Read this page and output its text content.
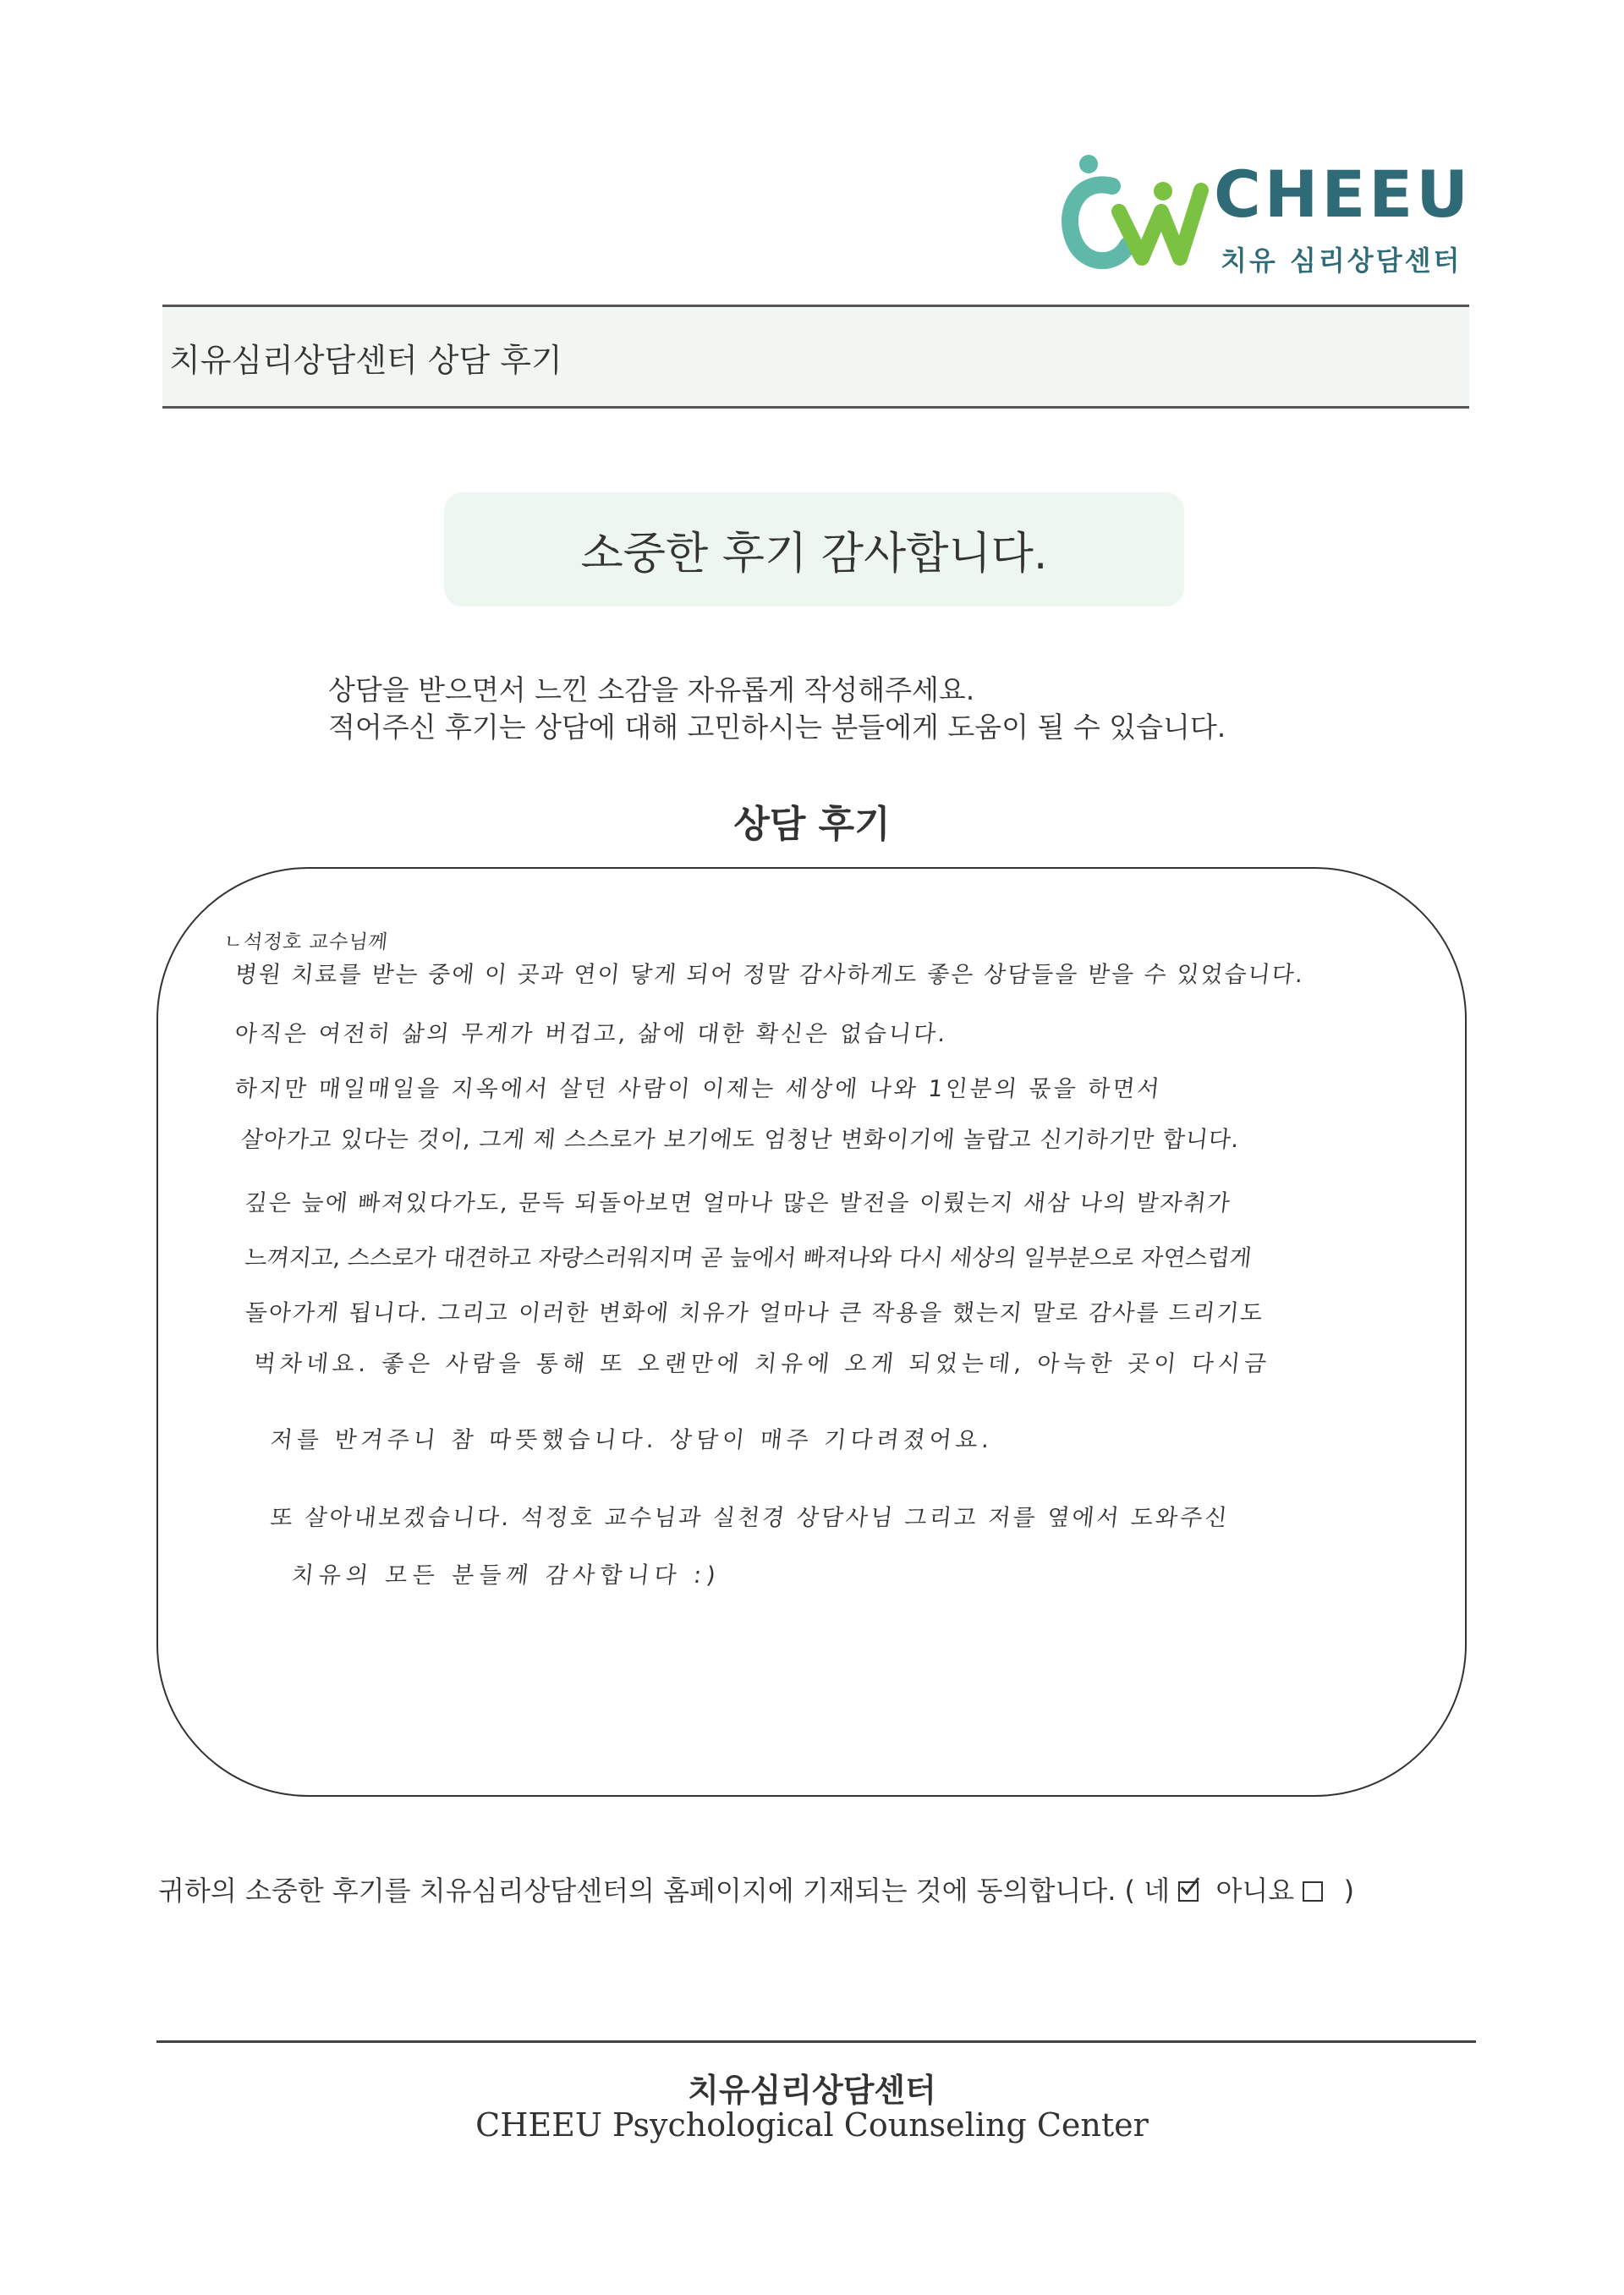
CHEEU
치유 심리상담센터
치유심리상담센터 상담 후기
소중한 후기 감사합니다.
상담을 받으면서 느낀 소감을 자유롭게 작성해주세요.
적어주신 후기는 상담에 대해 고민하시는 분들에게 도움이 될 수 있습니다.
상담 후기
ㄴ석정호 교수님께
병원 치료를 받는 중에 이 곳과 연이 닿게 되어 정말 감사하게도 좋은 상담들을 받을 수 있었습니다.
아직은 여전히 삶의 무게가 버겁고, 삶에 대한 확신은 없습니다.
하지만 매일매일을 지옥에서 살던 사람이 이제는 세상에 나와 1인분의 몫을 하면서
살아가고 있다는 것이, 그게 제 스스로가 보기에도 엄청난 변화이기에 놀랍고 신기하기만 합니다.
깊은 늪에 빠져있다가도, 문득 되돌아보면 얼마나 많은 발전을 이뤘는지 새삼 나의 발자취가
느껴지고, 스스로가 대견하고 자랑스러워지며 곧 늪에서 빠져나와 다시 세상의 일부분으로 자연스럽게
돌아가게 됩니다. 그리고 이러한 변화에 치유가 얼마나 큰 작용을 했는지 말로 감사를 드리기도
벅차네요. 좋은 사람을 통해 또 오랜만에 치유에 오게 되었는데, 아늑한 곳이 다시금
저를 반겨주니 참 따뜻했습니다. 상담이 매주 기다려졌어요.
또 살아내보겠습니다. 석정호 교수님과 실천경 상담사님 그리고 저를 옆에서 도와주신
치유의 모든 분들께 감사합니다 :)
귀하의 소중한 후기를 치유심리상담센터의 홈페이지에 기재되는 것에 동의합니다. ( 네 아니요 )
치유심리상담센터
CHEEU Psychological Counseling Center
